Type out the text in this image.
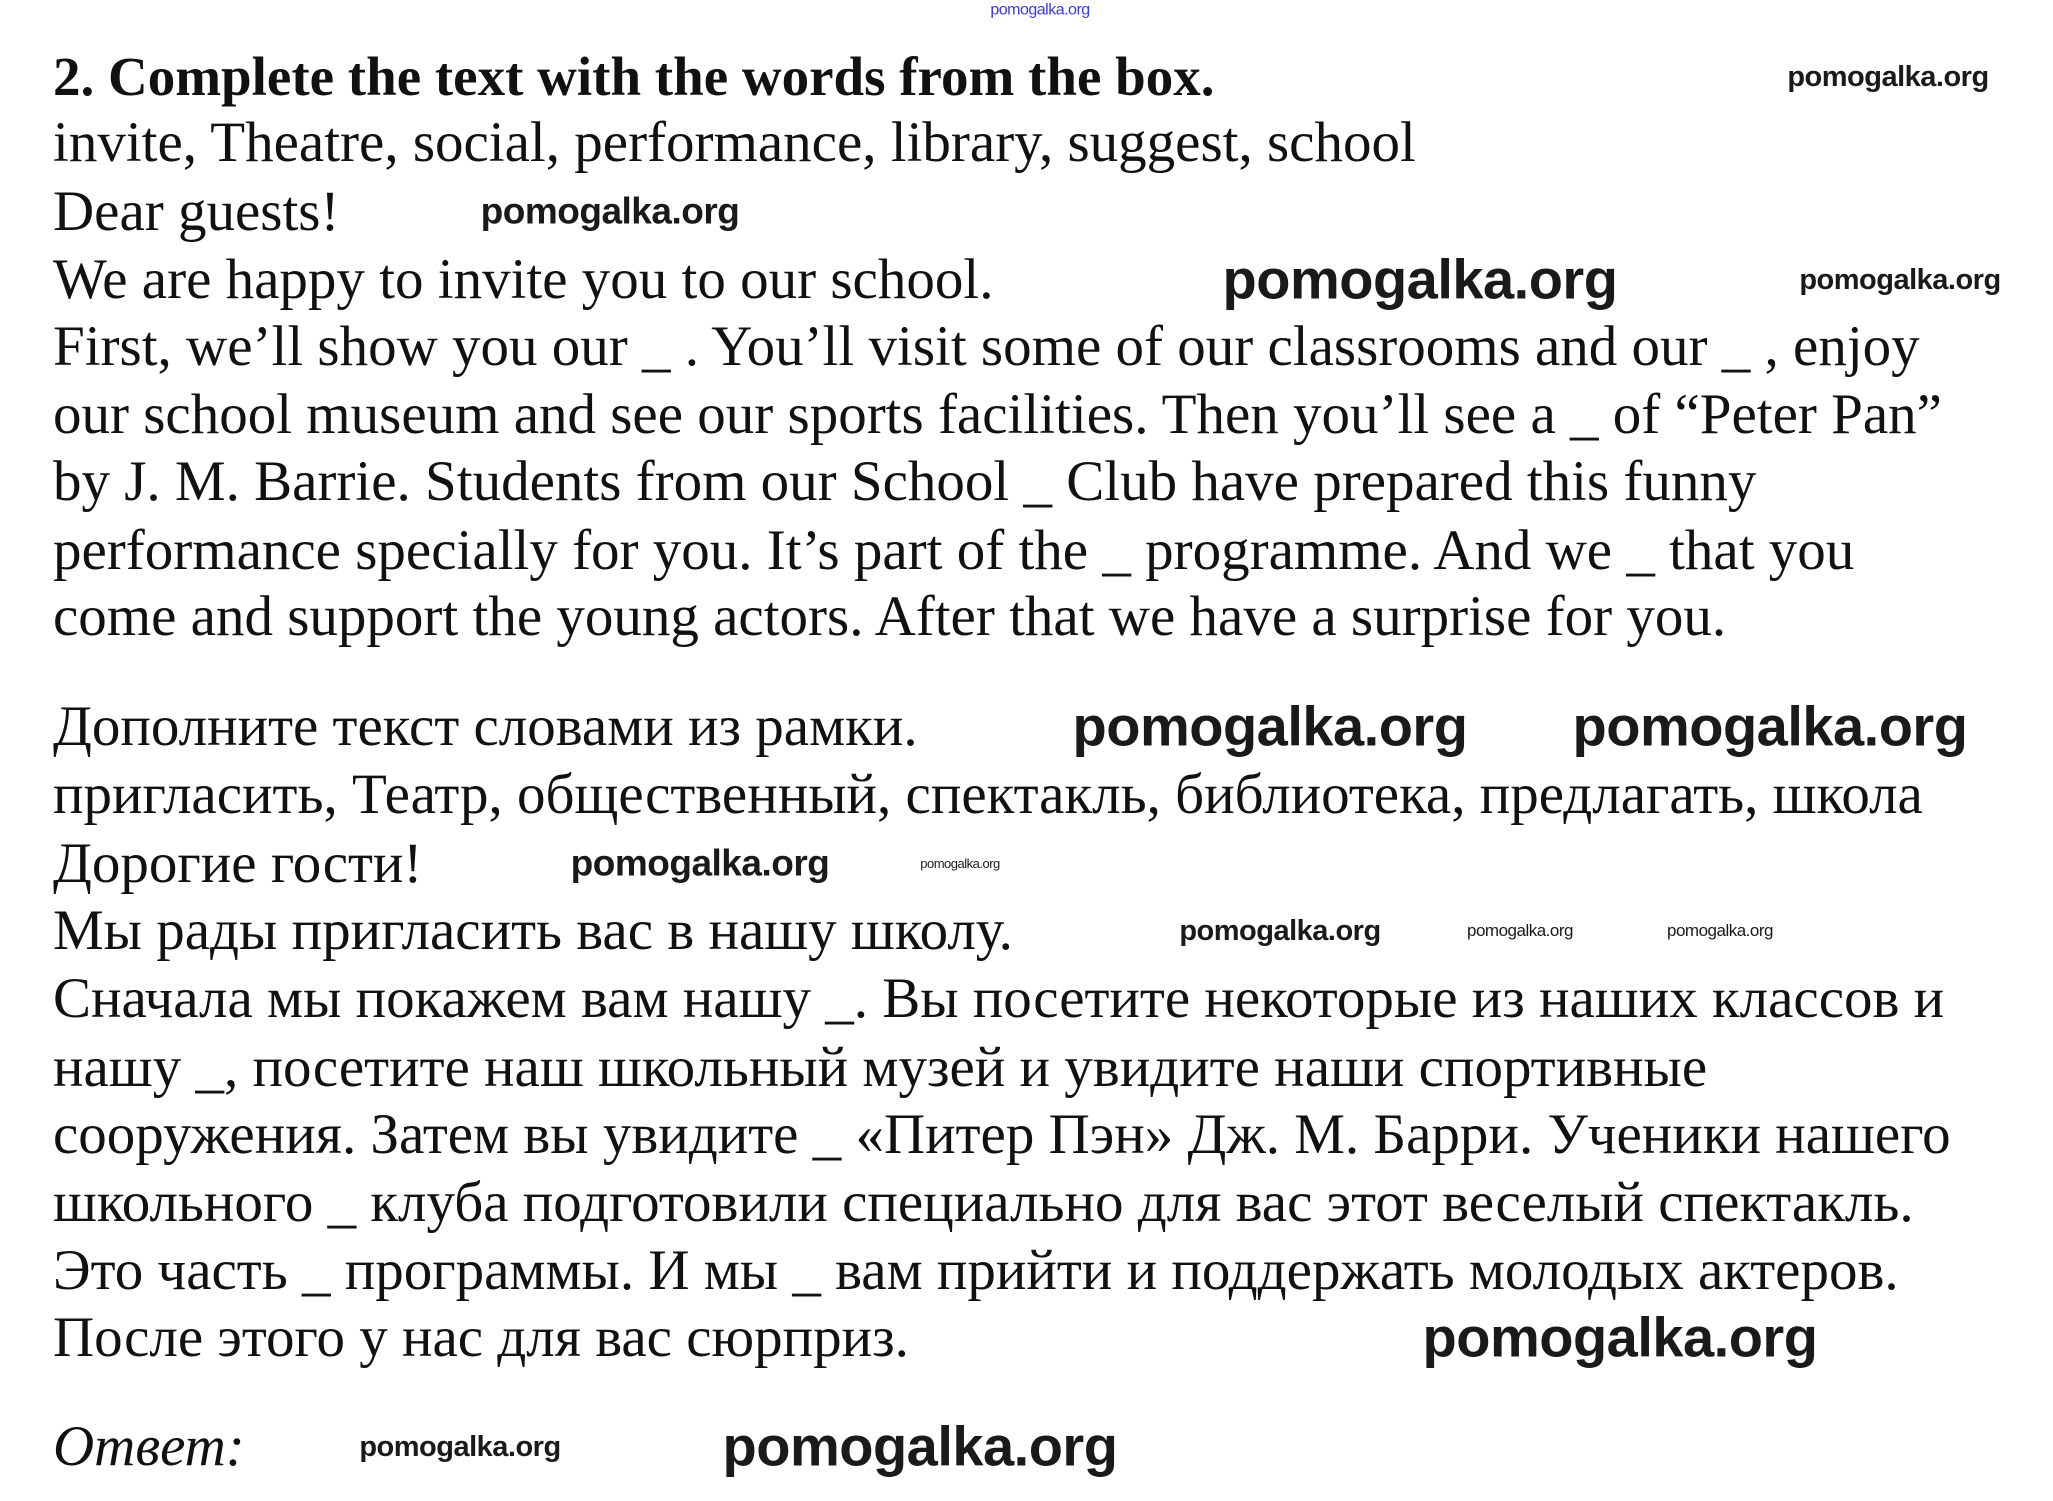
2. Complete the text with the words from the box.
invite, Theatre, social, performance, library, suggest, school
Dear guests!
We are happy to invite you to our school.
First, we’ll show you our _ . You’ll visit some of our classrooms and our _ , enjoy
our school museum and see our sports facilities. Then you’ll see a _ of “Peter Pan”
by J. M. Barrie. Students from our School _ Club have prepared this funny
performance specially for you. It’s part of the _ programme. And we _ that you
come and support the young actors. After that we have a surprise for you.
Дополните текст словами из рамки.
пригласить, Театр, общественный, спектакль, библиотека, предлагать, школа
Дорогие гости!
Мы рады пригласить вас в нашу школу.
Сначала мы покажем вам нашу _. Вы посетите некоторые из наших классов и
нашу _, посетите наш школьный музей и увидите наши спортивные
сооружения. Затем вы увидите _ «Питер Пэн» Дж. М. Барри. Ученики нашего
школьного _ клуба подготовили специально для вас этот веселый спектакль.
Это часть _ программы. И мы _ вам прийти и поддержать молодых актеров.
После этого у нас для вас сюрприз.
Ответ:
pomogalka.org
pomogalka.org
pomogalka.org
pomogalka.org	pomogalka.org
pomogalka.org
pomogalka.org pomogalka.org
pomogalka.org	pomogalka.org	pomogalka.org
pomogalka.org
pomogalka.org
pomogalka.org	pomogalka.org
